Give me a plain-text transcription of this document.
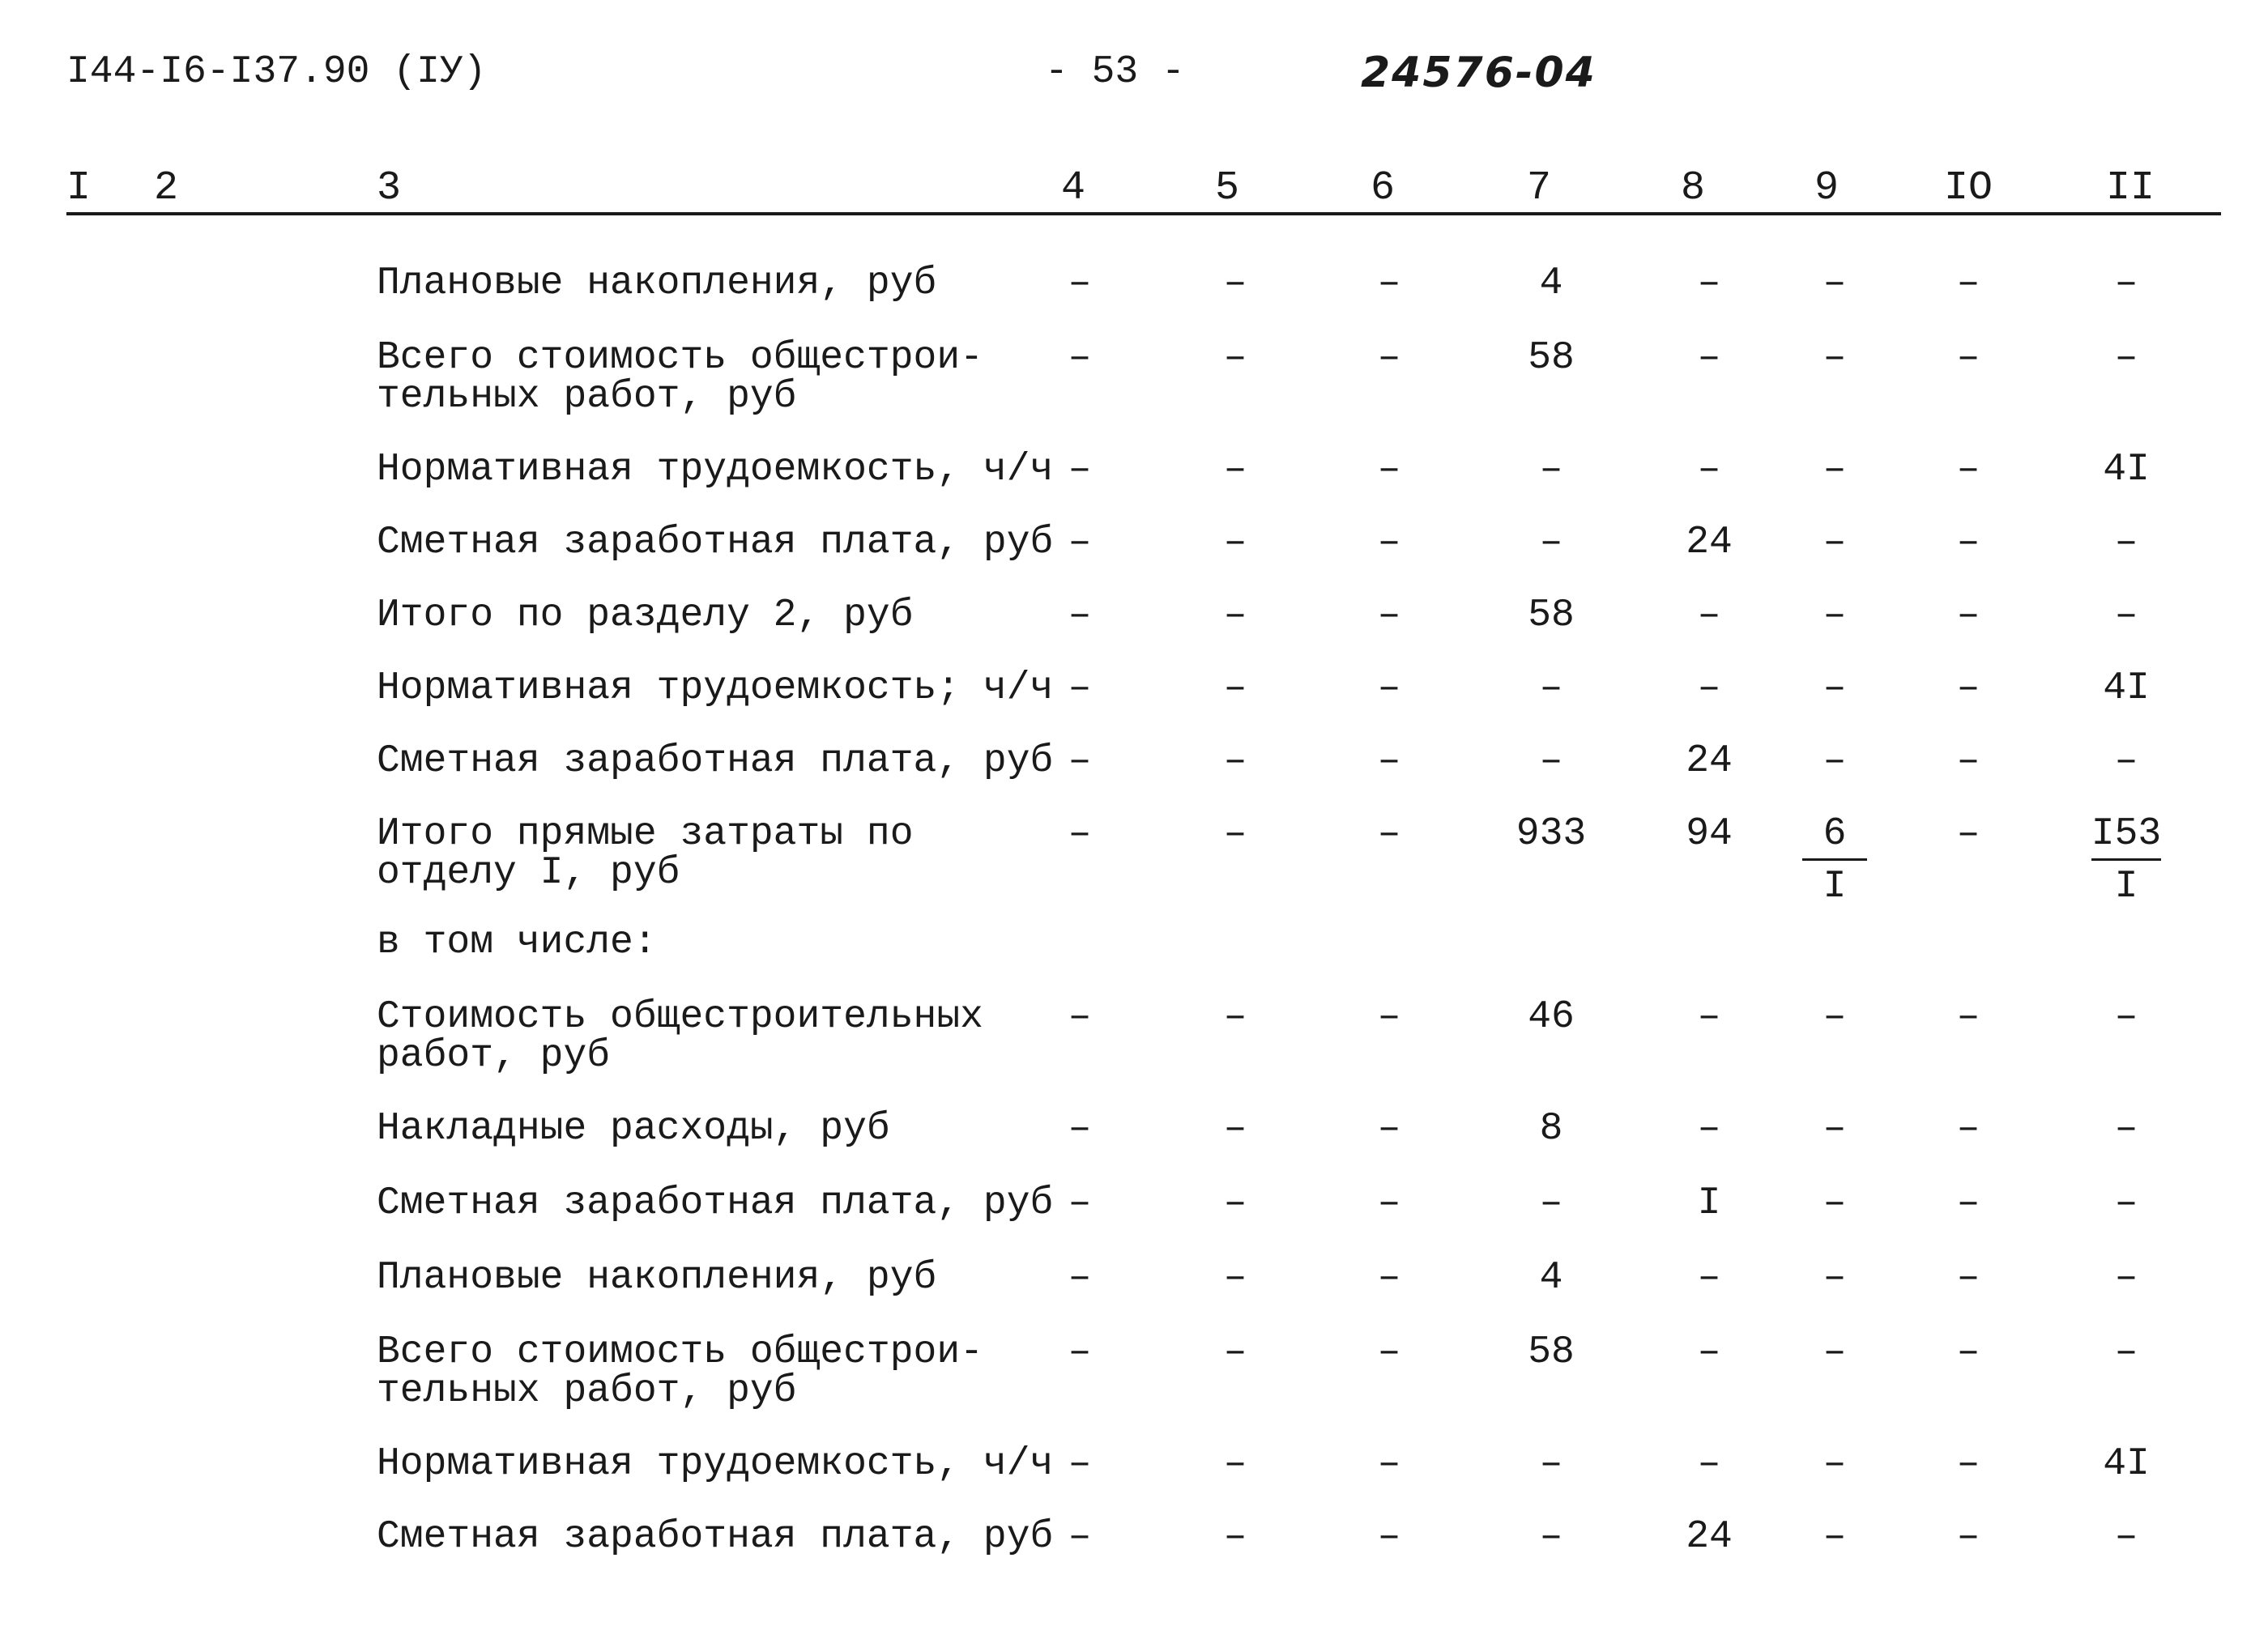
I44-I6-I37.90 (IУ)	- 53 -	24576-04
I 2	3	4	5	6	7	8	9	IO	II
Плановые накопления, руб	–	–	–	4	–	–	–	–
Всего стоимость общестрои-
тельных работ, руб
–	–	–	58	–	–	–	–
Нормативная трудоемкость, ч/ч –	–	–	–	–	–	–	4I
Сметная заработная плата, руб –	–	–	–	24	–	–	–
Итого по разделу 2, руб	–	–	–	58	–	–	–	–
Нормативная трудоемкость; ч/ч –	–	–	–	–	–	–	4I
Сметная заработная плата, руб –	–	–	–	24	–	–	–
Итого прямые затраты по
отделу I, руб
–	–	–	933	94	$\frac{6}{I}$	–	$\frac{I53}{I}$
в том числе:
Стоимость общестроительных
работ, руб
–	–	–	46	–	–	–	–
Накладные расходы, руб	–	–	–	8	–	–	–	–
Сметная заработная плата, руб –	–	–	–	I	–	–	–
Плановые накопления, руб	–	–	–	4	–	–	–	–
Всего стоимость общестрои-
тельных работ, руб
–	–	–	58	–	–	–	–
Нормативная трудоемкость, ч/ч –	–	–	–	–	–	–	4I
Сметная заработная плата, руб –	–	–	–	24	–	–	–
